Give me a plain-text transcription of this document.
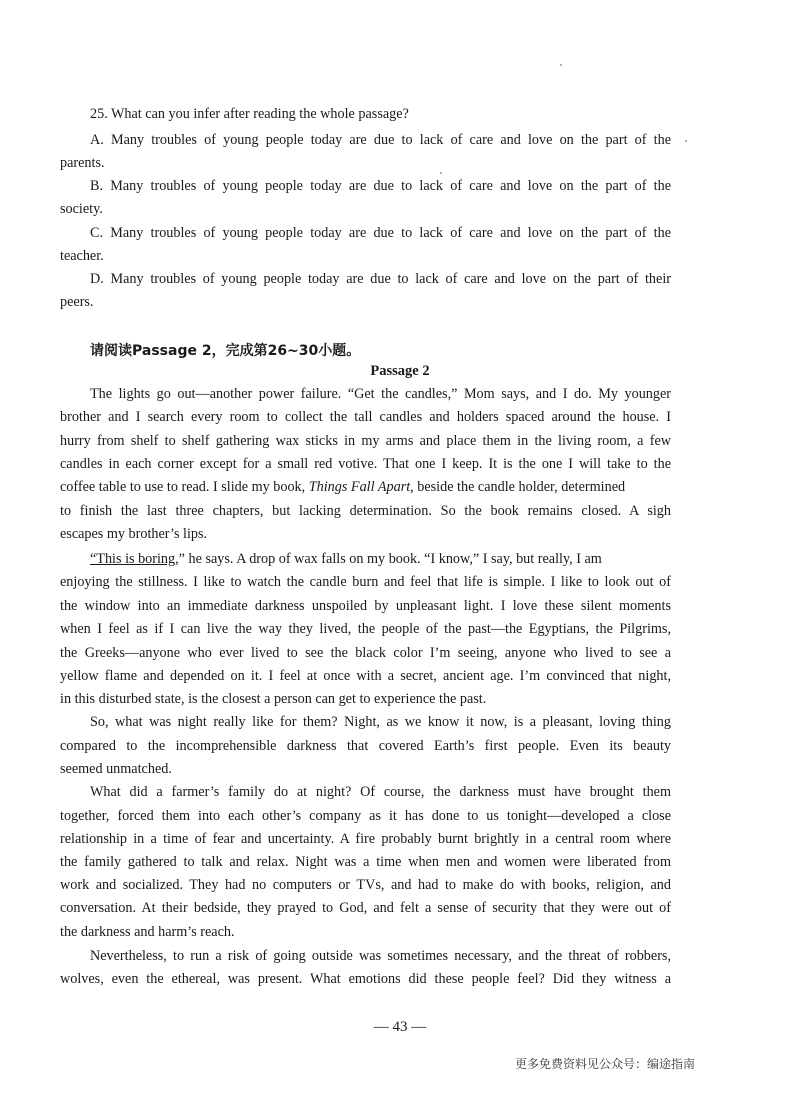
25. What can you infer after reading the whole passage?
A. Many troubles of young people today are due to lack of care and love on the part of the
parents.
B. Many troubles of young people today are due to lack of care and love on the part of the
society.
C. Many troubles of young people today are due to lack of care and love on the part of the
teacher.
D. Many troubles of young people today are due to lack of care and love on the part of their
peers.
请阅读Passage 2，完成第26~30小题。
Passage 2
The lights go out—another power failure. “Get the candles,” Mom says, and I do. My younger
brother and I search every room to collect the tall candles and holders spaced around the house. I
hurry from shelf to shelf gathering wax sticks in my arms and place them in the living room, a few
candles in each corner except for a small red votive. That one I keep. It is the one I will take to the
coffee table to use to read. I slide my book, Things Fall Apart, beside the candle holder, determined
to finish the last three chapters, but lacking determination. So the book remains closed. A sigh
escapes my brother’s lips.
“This is boring,” he says. A drop of wax falls on my book. “I know,” I say, but really, I am
enjoying the stillness. I like to watch the candle burn and feel that life is simple. I like to look out of
the window into an immediate darkness unspoiled by unpleasant light. I love these silent moments
when I feel as if I can live the way they lived, the people of the past—the Egyptians, the Pilgrims,
the Greeks—anyone who ever lived to see the black color I’m seeing, anyone who lived to see a
yellow flame and depended on it. I feel at once with a secret, ancient age. I’m convinced that night,
in this disturbed state, is the closest a person can get to experience the past.
So, what was night really like for them? Night, as we know it now, is a pleasant, loving thing
compared to the incomprehensible darkness that covered Earth’s first people. Even its beauty
seemed unmatched.
What did a farmer’s family do at night? Of course, the darkness must have brought them
together, forced them into each other’s company as it has done to us tonight—developed a close
relationship in a time of fear and uncertainty. A fire probably burnt brightly in a central room where
the family gathered to talk and relax. Night was a time when men and women were liberated from
work and socialized. They had no computers or TVs, and had to make do with books, religion, and
conversation. At their bedside, they prayed to God, and felt a sense of security that they were out of
the darkness and harm’s reach.
Nevertheless, to run a risk of going outside was sometimes necessary, and the threat of robbers,
wolves, even the ethereal, was present. What emotions did these people feel? Did they witness a
— 43 —
更多免费资料见公众号：编途指南
